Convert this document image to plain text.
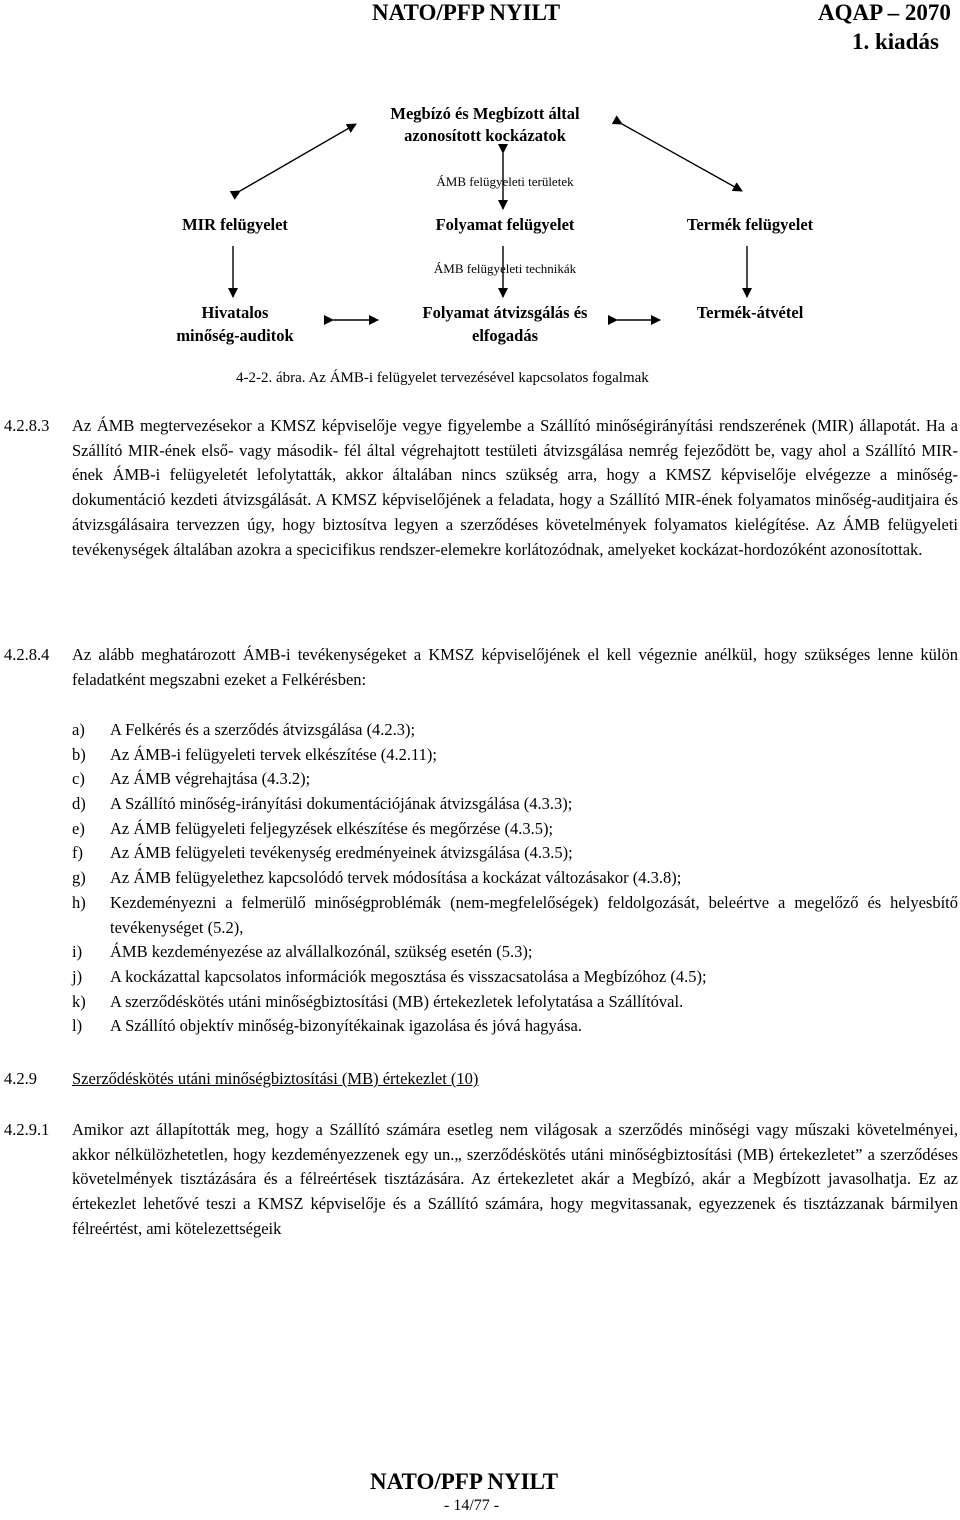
NATO/PFP NYILT	AQAP – 2070
1. kiadás
Megbízó és Megbízott által
azonosított kockázatok
ÁMB felügyeleti területek
MIR felügyelet	Folyamat felügyelet	Termék felügyelet
ÁMB felügyeleti technikák
Hivatalos
minőség-auditok
Folyamat átvizsgálás és
elfogadás
Termék-átvétel
4-2-2. ábra. Az ÁMB-i felügyelet tervezésével kapcsolatos fogalmak
4.2.8.3 Az ÁMB megtervezésekor a KMSZ képviselője vegye figyelembe a Szállító minőségirányítási rendszerének (MIR) állapotát. Ha a Szállító MIR-ének első- vagy második- fél által végrehajtott testületi átvizsgálása nemrég fejeződött be, vagy ahol a Szállító MIR-ének ÁMB-i felügyeletét lefolytatták, akkor általában nincs szükség arra, hogy a KMSZ képviselője elvégezze a minőség-dokumentáció kezdeti átvizsgálását. A KMSZ képviselőjének a feladata, hogy a Szállító MIR-ének folyamatos minőség-auditjaira és átvizsgálásaira tervezzen úgy, hogy biztosítva legyen a szerződéses követelmények folyamatos kielégítése. Az ÁMB felügyeleti tevékenységek általában azokra a specicifikus rendszer-elemekre korlátozódnak, amelyeket kockázat-hordozóként azonosítottak.
4.2.8.4 Az alább meghatározott ÁMB-i tevékenységeket a KMSZ képviselőjének el kell végeznie anélkül, hogy szükséges lenne külön feladatként megszabni ezeket a Felkérésben:
a) A Felkérés és a szerződés átvizsgálása (4.2.3);
b) Az ÁMB-i felügyeleti tervek elkészítése (4.2.11);
c) Az ÁMB végrehajtása (4.3.2);
d) A Szállító minőség-irányítási dokumentációjának átvizsgálása (4.3.3);
e) Az ÁMB felügyeleti feljegyzések elkészítése és megőrzése (4.3.5);
f) Az ÁMB felügyeleti tevékenység eredményeinek átvizsgálása (4.3.5);
g) Az ÁMB felügyelethez kapcsolódó tervek módosítása a kockázat változásakor (4.3.8);
h) Kezdeményezni a felmerülő minőségproblémák (nem-megfelelőségek) feldolgozását, beleértve a megelőző és helyesbítő tevékenységet (5.2),
i) ÁMB kezdeményezése az alvállalkozónál, szükség esetén (5.3);
j) A kockázattal kapcsolatos információk megosztása és visszacsatolása a Megbízóhoz (4.5);
k) A szerződéskötés utáni minőségbiztosítási (MB) értekezletek lefolytatása a Szállítóval.
l) A Szállító objektív minőség-bizonyítékainak igazolása és jóvá hagyása.
4.2.9 Szerződéskötés utáni minőségbiztosítási (MB) értekezlet (10)
4.2.9.1 Amikor azt állapították meg, hogy a Szállító számára esetleg nem világosak a szerződés minőségi vagy műszaki követelményei, akkor nélkülözhetetlen, hogy kezdeményezzenek egy un.„ szerződéskötés utáni minőségbiztosítási (MB) értekezletet” a szerződéses követelmények tisztázására és a félreértések tisztázására. Az értekezletet akár a Megbízó, akár a Megbízott javasolhatja. Ez az értekezlet lehetővé teszi a KMSZ képviselője és a Szállító számára, hogy megvitassanak, egyezzenek és tisztázzanak bármilyen félreértést, ami kötelezettségeik
NATO/PFP NYILT
- 14/77 -
